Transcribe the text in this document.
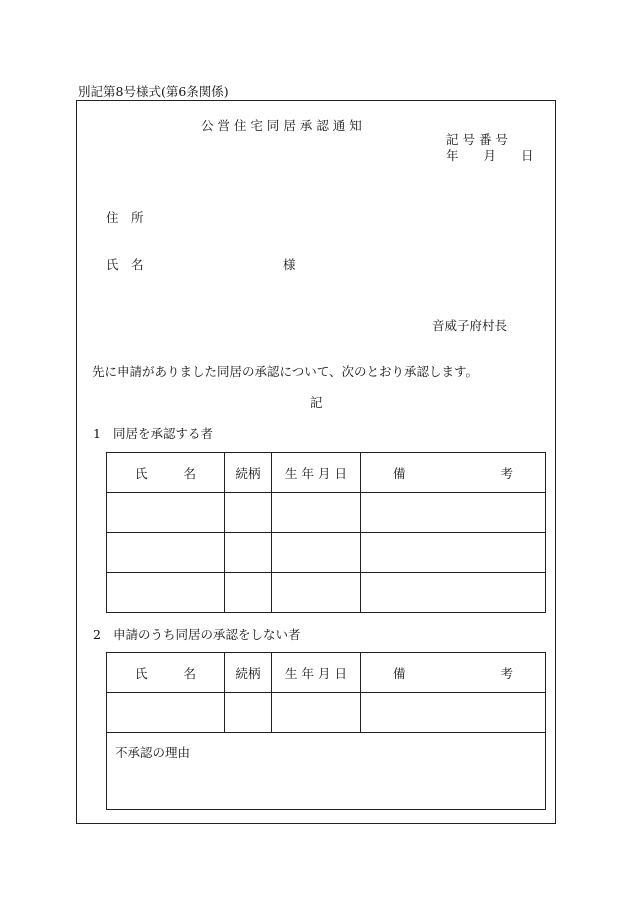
別記第8号様式(第6条関係)
公 営 住 宅 同 居 承 認 通 知
記 号 番 号
年　　月　　日
住　所
氏　名	様
音威子府村長
先に申請がありました同居の承認について、次のとおり承認します。
記
1 同居を承認する者
氏 名	続柄	生 年 月 日	備 考

2 申請のうち同居の承認をしない者
氏 名	続柄	生 年 月 日	備 考

不承認の理由			
